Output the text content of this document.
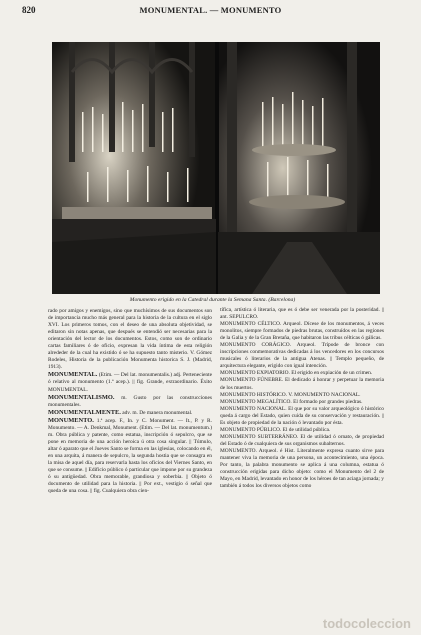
820	MONUMENTAL. — MONUMENTO
Monumento erigido en la Catedral durante la Semana Santa. (Barcelona)

rado por amigos y enemigos, sino que muchísimos de sus documentos son de importancia mucho más general para la historia de la cultura en el siglo XVI. Los primeros tomos, con el deseo de una absoluta objetividad, se editaron sin notas apenas, que después se entendió ser necesarias para la orientación del lector de los documentos. Estos, como son de ordinario cartas familiares ó de oficio, expresan la vida íntima de esta religión alrededer de la cual ha existido ó se ha supuesto tanto misterio. V. Gómez Rodeles, Historia de la publicación Monumenta historica S. J. (Madrid, 1913).

MONUMENTAL. (Etim. — Del lat. monumentalis.) adj. Perteneciente ó relativo al monumento (1.ª acep.). || fig. Grande, extraordinario. Éxito MONUMENTAL.

MONUMENTALISMO. m. Gusto por las construcciones monumentales.

MONUMENTALMENTE. adv. m. De manera monumental.

MONUMENTO. 1.ª acep. F., In. y C. Monument. — It., P. y R. Monumento. — A. Denkmal, Monument. (Etim. — Del lat. monumentum.) m. Obra pública y patente, como estatua, inscripción ó sepulcro, que se pone en memoria de una acción heroica ú otra cosa singular. || Túmulo, altar ó aparato que el Jueves Santo se forma en las iglesias, colocando en él, en una arquita, á manera de sepulcro, la segunda hostia que se consagra en la misa de aquel día, para reservarla hasta los oficios del Viernes Santo, en que se consume. || Edificio público ó particular que impone por su grandeza ó su antigüedad. Obra memorable, grandiosa y soberbia. || Objeto ó documento de utilidad para la historia. || Por ext., vestigio ó señal que queda de una cosa. || fig. Cualquiera obra cien-

tífica, artística ó literaria, que es ó debe ser venerada por la posteridad. || ant. SEPULCRO.

MONUMENTO CÉLTICO. Arqueol. Dícese de los monumentos, á veces monolitos, siempre formados de piedras brutas, construídos en las regiones de la Galia y de la Gran Bretaña, que habitaron las tribus célticas ó gálicas.

MONUMENTO CORÁGICO. Arqueol. Trípode de bronce con inscripciones conmemorativas dedicadas á los vencedores en los concursos musicales ó literarios de la antigua Atenas. || Templo pequeño, de arquitectura elegante, erigido con igual intención.

MONUMENTO EXPIATORIO. El erigido en expiación de un crimen.

MONUMENTO FÚNEBRE. El dedicado á honrar y perpetuar la memoria de los muertos.

MONUMENTO HISTÓRICO. V. MONUMENTO NACIONAL.

MONUMENTO MEGALÍTICO. El formado por grandes piedras.

MONUMENTO NACIONAL. El que por su valor arqueológico ó histórico queda á cargo del Estado, quien cuida de su conservación y restauración. || Es objeto de propiedad de la nación ó levantado por ésta.

MONUMENTO PÚBLICO. El de utilidad pública.

MONUMENTO SUBTERRÁNEO. El de utilidad ó ornato, de propiedad del Estado ó de cualquiera de sus organismos subalternos.

MONUMENTO. Arqueol. é Hist. Literalmente expresa cuanto sirve para mantener viva la memoria de una persona, un acontecimiento, una época. Por tanto, la palabra monumento se aplica á una columna, estatua ó construcción erigidas para dicho objeto: como el Monumento del 2 de Mayo, en Madrid, levantado en honor de los héroes de tan aciaga jornada; y también á todos los diversos objetos como

todocoleccion
